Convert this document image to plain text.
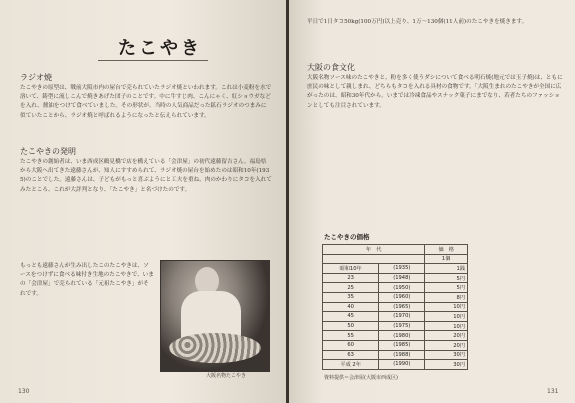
たこやき
ラジオ焼
たこやきの原型は、戦前大阪市内の屋台で売られていたラジオ焼といわれます。これは小麦粉を水で溶いて、鋳型に流しこんで焼きあげた団子のことです。中に牛すじ肉、こんにゃく、紅ショウガなどを入れ、醤油をつけて食べていました。その形状が、当時の人気商品だった鉱石ラジオのつまみに似ていたことから、ラジオ焼と呼ばれるようになったと伝えられています。
たこやきの発明
たこやきの創始者は、いま西成区鶴見橋で店を構えている「会津屋」の初代遠藤留吉さん。福島県から大阪へ出てきた遠藤さんが、知人にすすめられて、ラジオ焼の屋台を始めたのは昭和10年(1935)のことでした。遠藤さんは、子どもがもっと喜ぶようにと工夫を重ね、肉のかわりにタコを入れてみたところ、これが大評判となり、「たこやき」と名づけたのです。
もっとも遠藤さんが生み出したこのたこやきは、ソースをつけずに食べる味付き生地のたこやきで、いまの「会津屋」で売られている「元祖たこやき」がそれです。
大阪名物たこやき
130
平日で1日タコ50kg(100万円)以上売り、1万〜130個(11人前)のたこやきを焼きます。
大阪の食文化
大阪名物ソース味のたこやきと、粉を多く使うダシについて食べる明石焼(地元では玉子焼)は、ともに庶民の味として親しまれ、どちらもタコを入れる具材の食物です。「大阪生まれのたこやきが全国に広がったのは、昭和30年代から。いまでは冷凍食品やスナック菓子にまでなり、若者たちのファッションとしても注目されています。
131
たこやきの価格
年　代		価　格
		1個
昭和10年	(1935)	1銭
23	(1948)	5円
25	(1950)	5円
35	(1960)	8円
40	(1965)	10円
45	(1970)	10円
50	(1975)	10円
55	(1980)	20円
60	(1985)	20円
63	(1988)	30円
平成 2年	(1990)	30円
資料提供＝会津屋(大阪市西成区)
